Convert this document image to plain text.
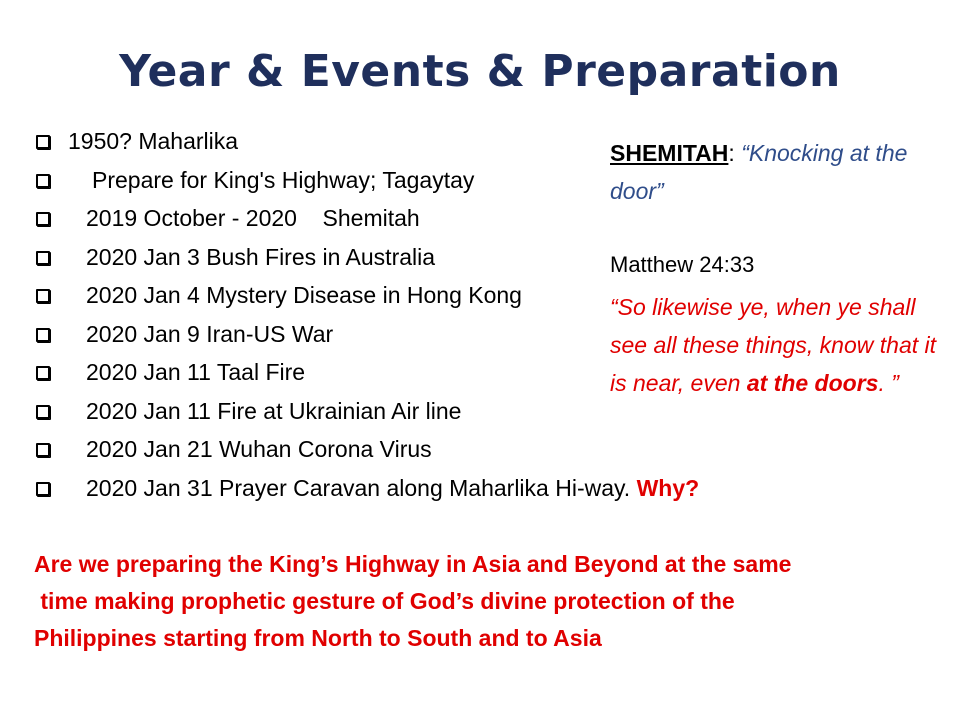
Year & Events & Preparation
1950? Maharlika
Prepare for King's Highway; Tagaytay
2019 October - 2020    Shemitah
2020 Jan 3 Bush Fires in Australia
2020 Jan 4 Mystery Disease in Hong Kong
2020 Jan 9 Iran-US War
2020 Jan 11 Taal Fire
2020 Jan 11 Fire at Ukrainian Air line
2020 Jan 21 Wuhan Corona Virus
2020 Jan 31 Prayer Caravan along Maharlika Hi-way. Why?
SHEMITAH: “Knocking at the door”
Matthew 24:33
“So likewise ye, when ye shall see all these things, know that it is near, even at the doors. ”
Are we preparing the King’s Highway in Asia and Beyond at the same
time making prophetic gesture of God’s divine protection of the
Philippines starting from North to South and to Asia
